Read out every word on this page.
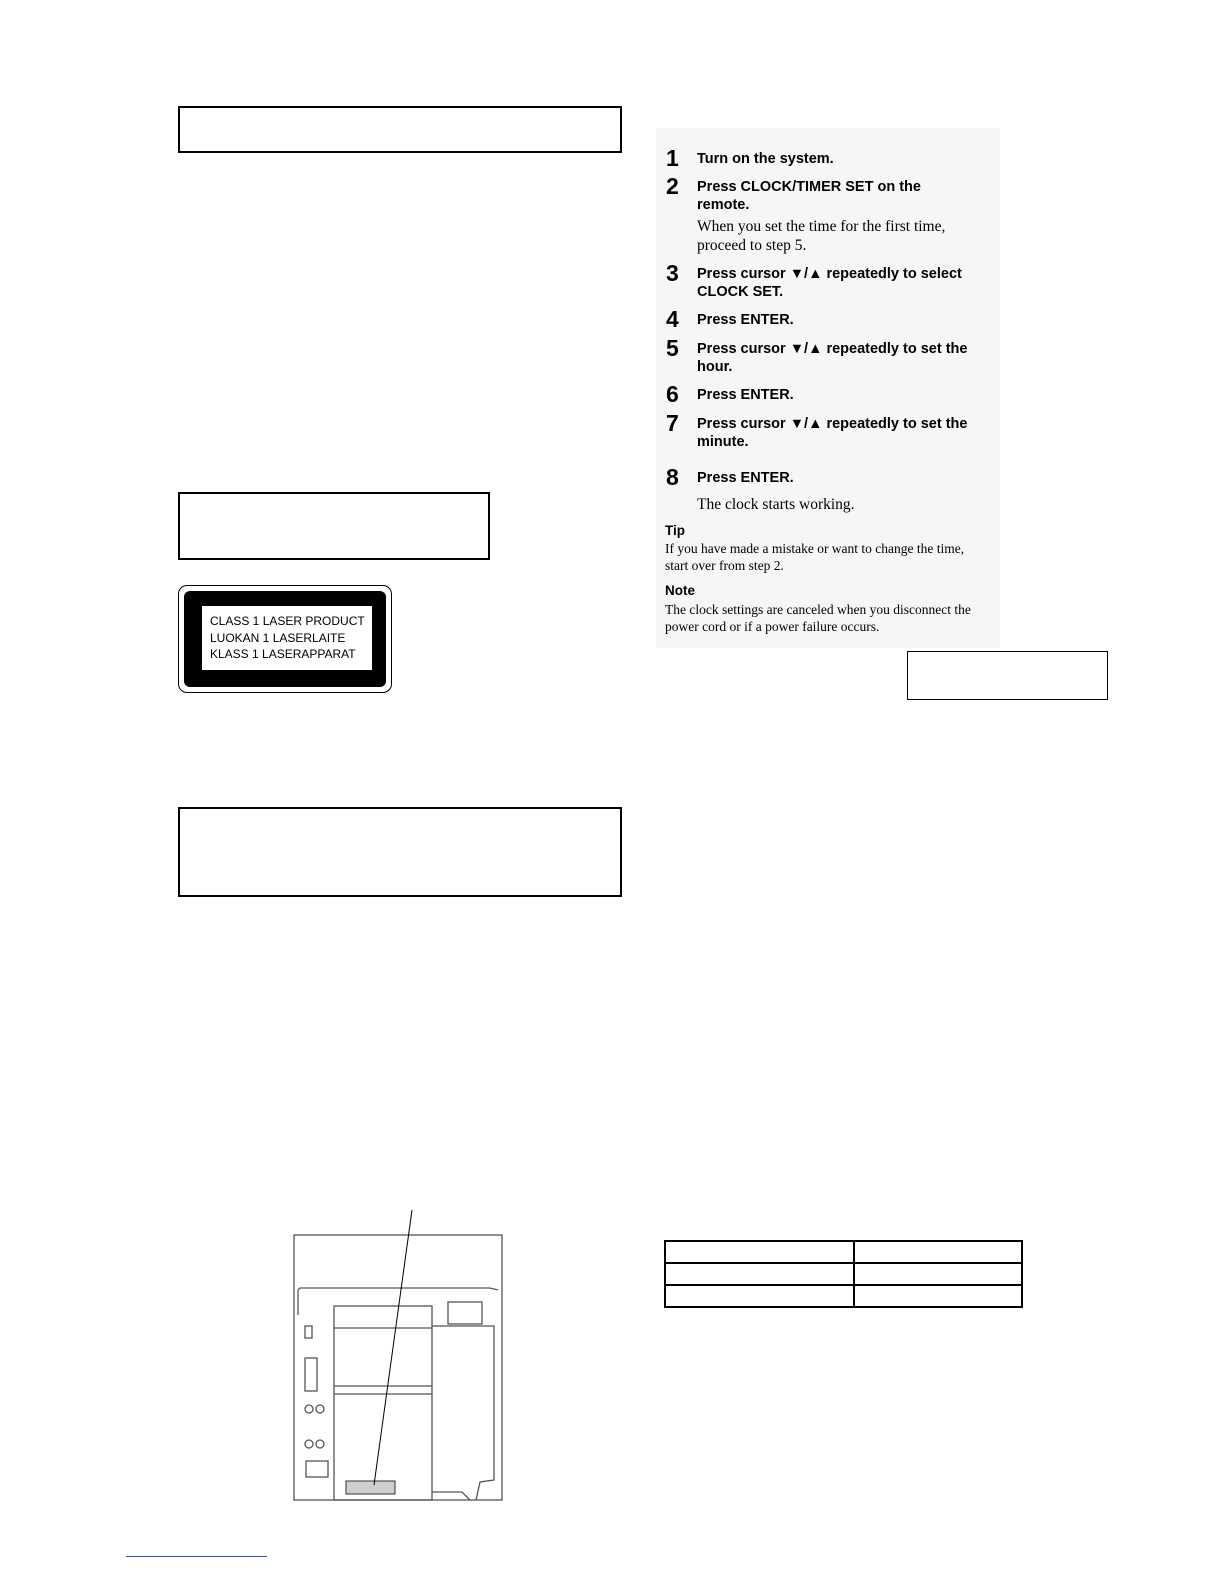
CLASS 1 LASER PRODUCT
LUOKAN 1 LASERLAITE
KLASS 1 LASERAPPARAT
1 Turn on the system.
2 Press CLOCK/TIMER SET on the remote.
When you set the time for the first time, proceed to step 5.
3 Press cursor ▼/▲ repeatedly to select CLOCK SET.
4 Press ENTER.
5 Press cursor ▼/▲ repeatedly to set the hour.
6 Press ENTER.
7 Press cursor ▼/▲ repeatedly to set the minute.
8 Press ENTER.
The clock starts working.
Tip
If you have made a mistake or want to change the time, start over from step 2.
Note
The clock settings are canceled when you disconnect the power cord or if a power failure occurs.
